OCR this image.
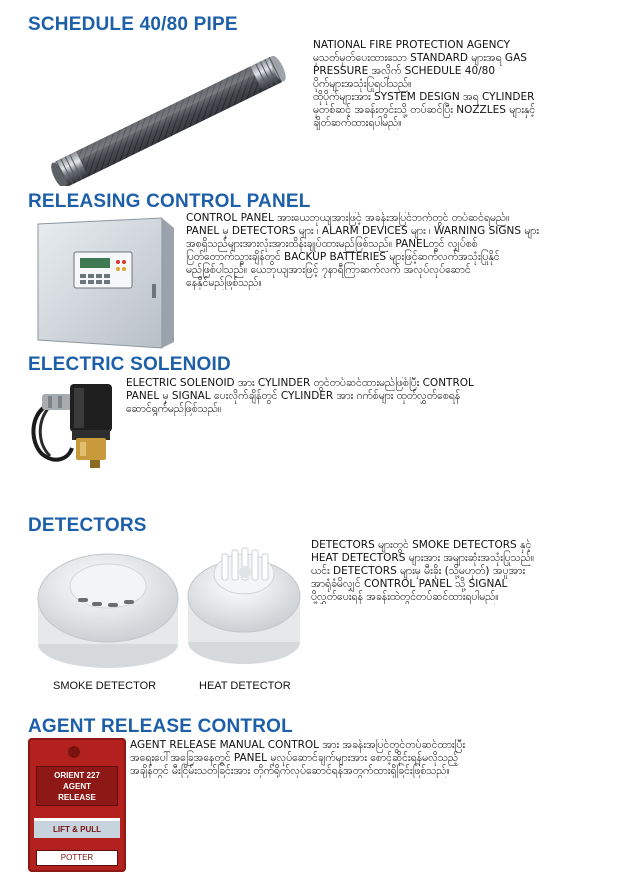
SCHEDULE 40/80 PIPE

NATIONAL FIRE PROTECTION AGENCY
မှသတ်မှတ်ပေးထားသော STANDARD များအရ GAS
PRESSURE အလိုက် SCHEDULE 40/80
ပိုက်များအသုံးပြုရပါသည်။
ထိုပိုက်များအား SYSTEM DESIGN အရ CYLINDER
မှတစ်ဆင့် အခန်းတွင်းသို့ တပ်ဆင်ပြီး NOZZLES များနှင့်
ချိတ်ဆက်ထားရပါမည်။

RELEASING CONTROL PANEL

CONTROL PANEL အားယေဘုယျအားဖြင့် အခန်းအပြင်ဘက်တွင် တပ်ဆင်ရမည်။
PANEL မှ DETECTORS များ ၊ ALARM DEVICES များ ၊ WARNING SIGNS များ
အစရှိသည်များအားလုံးအားထိန်းချုပ်ထားမည်ဖြစ်သည်။ PANELတွင် လျှပ်စစ်
ပြတ်တောက်သွားချိန်တွင် BACKUP BATTERIES များဖြင့်ဆက်လက်အသုံးပြုနိုင်
မည်ဖြစ်ပါသည်။ ယေဘုယျအားဖြင့် ၇နာရီကြာဆက်လက် အလုပ်လုပ်ဆောင်
နေနိုင်မည်ဖြစ်သည်။

ELECTRIC SOLENOID

ELECTRIC SOLENOID အား CYLINDER တွင်တပ်ဆင်ထားမည်ဖြစ်ပြီး CONTROL
PANEL မှ SIGNAL ပေးလိုက်ချိန်တွင် CYLINDER အား ဂက်စ်များ ထုတ်လွှတ်စေရန်
ဆောင်ရွက်မည်ဖြစ်သည်။

DETECTORS

DETECTORS များတွင် SMOKE DETECTORS နှင့်
HEAT DETECTORS များအား အများဆုံးအသုံးပြုသည်။
ယင်း DETECTORS များမှ မီးခိုး (သို့မဟုတ်) အပူအား
အာရုံခံမိလျှင် CONTROL PANEL သို့ SIGNAL
ပို့လွှတ်ပေးရန် အခန်းထဲတွင်တပ်ဆင်ထားရပါမည်။

SMOKE DETECTOR	HEAT DETECTOR
AGENT RELEASE CONTROL
ORIENT 227
AGENT
RELEASE
LIFT & PULL
POTTER

AGENT RELEASE MANUAL CONTROL အား အခန်းအပြင်တွင်တပ်ဆင်ထားပြီး
အရေးပေါ်အခြေအနေတွင် PANEL မှလုပ်ဆောင်ချက်များအား စောင့်ဆိုင်းရန်မလိုသည့်
အချိန်တွင် မီးငြိမ်းသတ်ခြင်းအား တိုက်ရိုက်လုပ်ဆောင်ရန်အတွက်ထားရှိခြင်းဖြစ်သည်။
